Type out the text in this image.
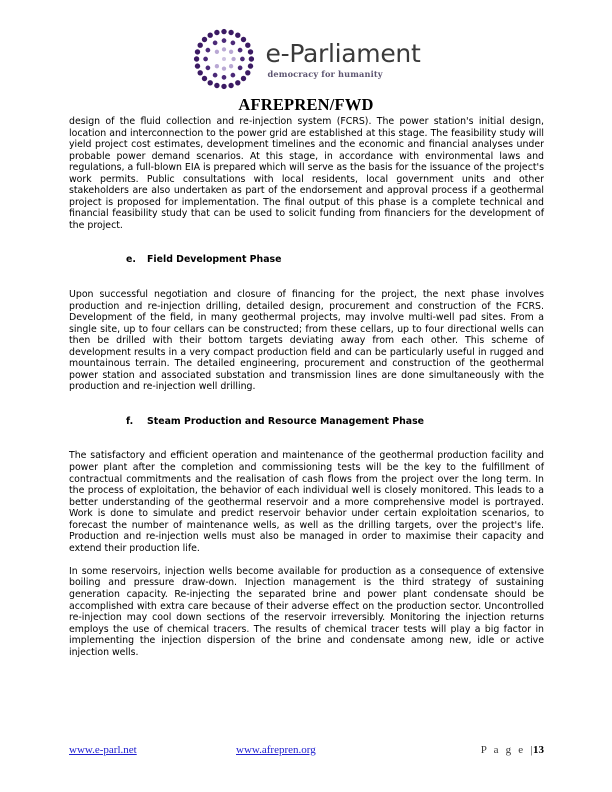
e-Parliament
democracy for humanity
AFREPREN/FWD

design of the fluid collection and re-injection system (FCRS). The power station's initial design, location and interconnection to the power grid are established at this stage. The feasibility study will yield project cost estimates, development timelines and the economic and financial analyses under probable power demand scenarios. At this stage, in accordance with environmental laws and regulations, a full-blown EIA is prepared which will serve as the basis for the issuance of the project's work permits. Public consultations with local residents, local government units and other stakeholders are also undertaken as part of the endorsement and approval process if a geothermal project is proposed for implementation. The final output of this phase is a complete technical and financial feasibility study that can be used to solicit funding from financiers for the development of the project.

e. Field Development Phase

Upon successful negotiation and closure of financing for the project, the next phase involves production and re-injection drilling, detailed design, procurement and construction of the FCRS. Development of the field, in many geothermal projects, may involve multi-well pad sites. From a single site, up to four cellars can be constructed; from these cellars, up to four directional wells can then be drilled with their bottom targets deviating away from each other. This scheme of development results in a very compact production field and can be particularly useful in rugged and mountainous terrain. The detailed engineering, procurement and construction of the geothermal power station and associated substation and transmission lines are done simultaneously with the production and re-injection well drilling.

f. Steam Production and Resource Management Phase

The satisfactory and efficient operation and maintenance of the geothermal production facility and power plant after the completion and commissioning tests will be the key to the fulfillment of contractual commitments and the realisation of cash flows from the project over the long term. In the process of exploitation, the behavior of each individual well is closely monitored. This leads to a better understanding of the geothermal reservoir and a more comprehensive model is portrayed. Work is done to simulate and predict reservoir behavior under certain exploitation scenarios, to forecast the number of maintenance wells, as well as the drilling targets, over the project's life. Production and re-injection wells must also be managed in order to maximise their capacity and extend their production life.

In some reservoirs, injection wells become available for production as a consequence of extensive boiling and pressure draw-down. Injection management is the third strategy of sustaining generation capacity. Re-injecting the separated brine and power plant condensate should be accomplished with extra care because of their adverse effect on the production sector. Uncontrolled re-injection may cool down sections of the reservoir irreversibly. Monitoring the injection returns employs the use of chemical tracers. The results of chemical tracer tests will play a big factor in implementing the injection dispersion of the brine and condensate among new, idle or active injection wells.

www.e-parl.net	www.afrepren.org	P a g e |13
